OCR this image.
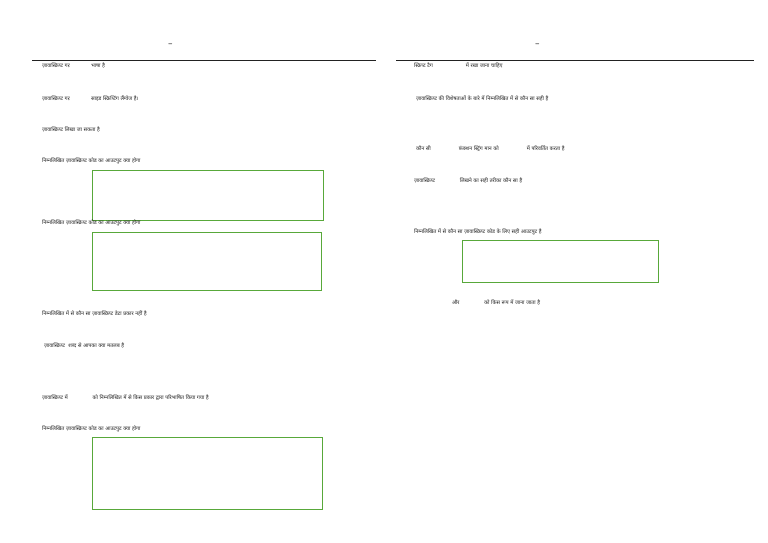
–
ज़ावास्क्रिप्ट गऱ             भाषा है
ज़ावास्क्रिप्ट गऱ             साइड स्क्रिप्टिंग लैंग्वेज है।
ज़ावास्क्रिप्ट लिखा जा सकता है
निम्नलिखित ज़ावास्क्रिप्ट कोड का आउटपुट क्या होगा
निम्नलिखित ज़ावास्क्रिप्ट कोड का आउटपुट क्या होगा
निम्नलिखित में से कौन सा ज़ावास्क्रिप्ट डेटा प्रकार नहीं है
ज़ावास्क्रिप्ट  शब्द से आपका क्या मतलब है
ज़ावास्क्रिप्ट में               को निम्नलिखित में से किस प्रकार द्वारा परिभाषित किया गया है
निम्नलिखित ज़ावास्क्रिप्ट कोड का आउटपुट क्या होगा
–
स्क्रिप्ट टैग                    में रखा जाना चाहिए
ज़ावास्क्रिप्ट की विशेषताओं के बारे में निम्नलिखित में से कौन सा सही है
कौन सी                 फ़ंक्शन स्ट्रिंग मान को                 में परिवर्तित करता है
ज़ावास्क्रिप्ट               लिखने का सही तरीका कौन सा है
निम्नलिखित में से कौन सा ज़ावास्क्रिप्ट कोड के लिए सही आउटपुट है
और               को किस रूप में जाना जाता है
